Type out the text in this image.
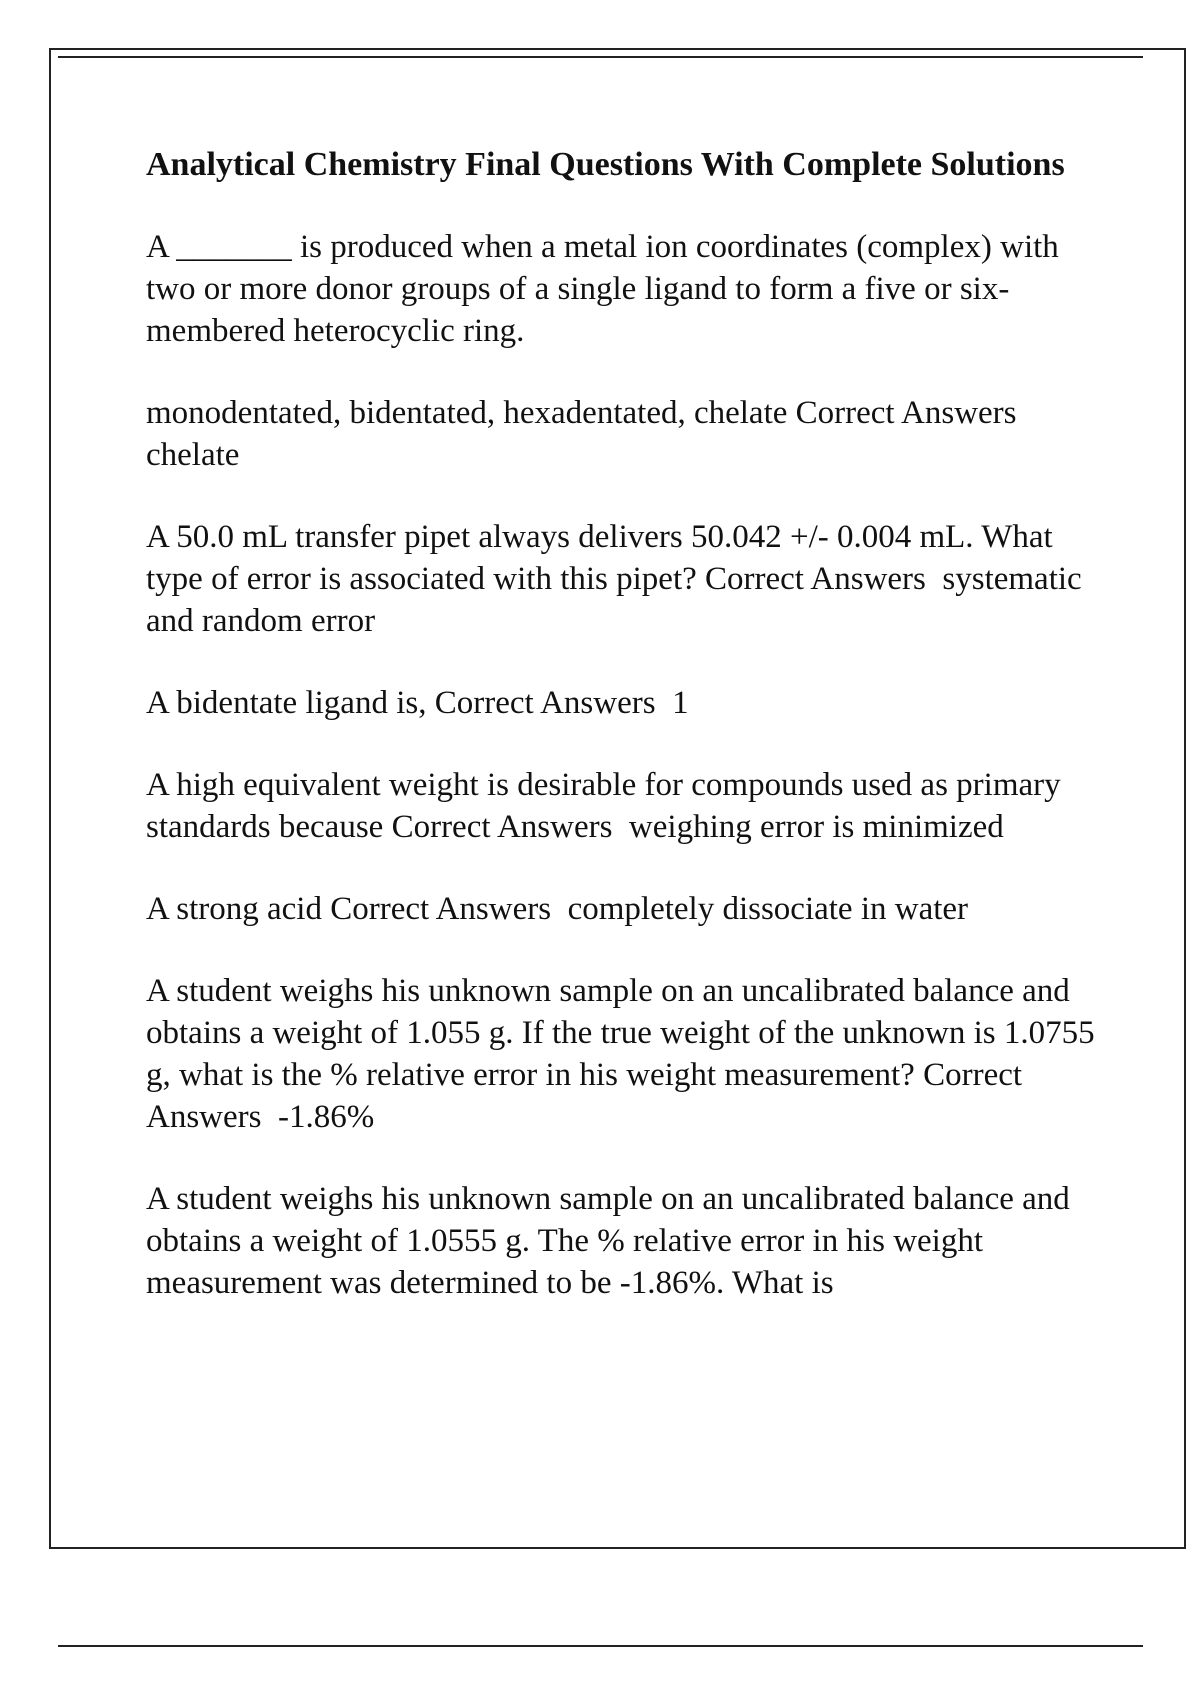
Analytical Chemistry Final Questions With Complete Solutions

A _______ is produced when a metal ion coordinates (complex) with two or more donor groups of a single ligand to form a five or six-membered heterocyclic ring.

monodentated, bidentated, hexadentated, chelate Correct Answers  chelate

A 50.0 mL transfer pipet always delivers 50.042 +/- 0.004 mL. What type of error is associated with this pipet? Correct Answers  systematic and random error

A bidentate ligand is, Correct Answers  1

A high equivalent weight is desirable for compounds used as primary standards because Correct Answers  weighing error is minimized

A strong acid Correct Answers  completely dissociate in water

A student weighs his unknown sample on an uncalibrated balance and obtains a weight of 1.055 g. If the true weight of the unknown is 1.0755 g, what is the % relative error in his weight measurement? Correct Answers  -1.86%

A student weighs his unknown sample on an uncalibrated balance and obtains a weight of 1.0555 g. The % relative error in his weight measurement was determined to be -1.86%. What is
